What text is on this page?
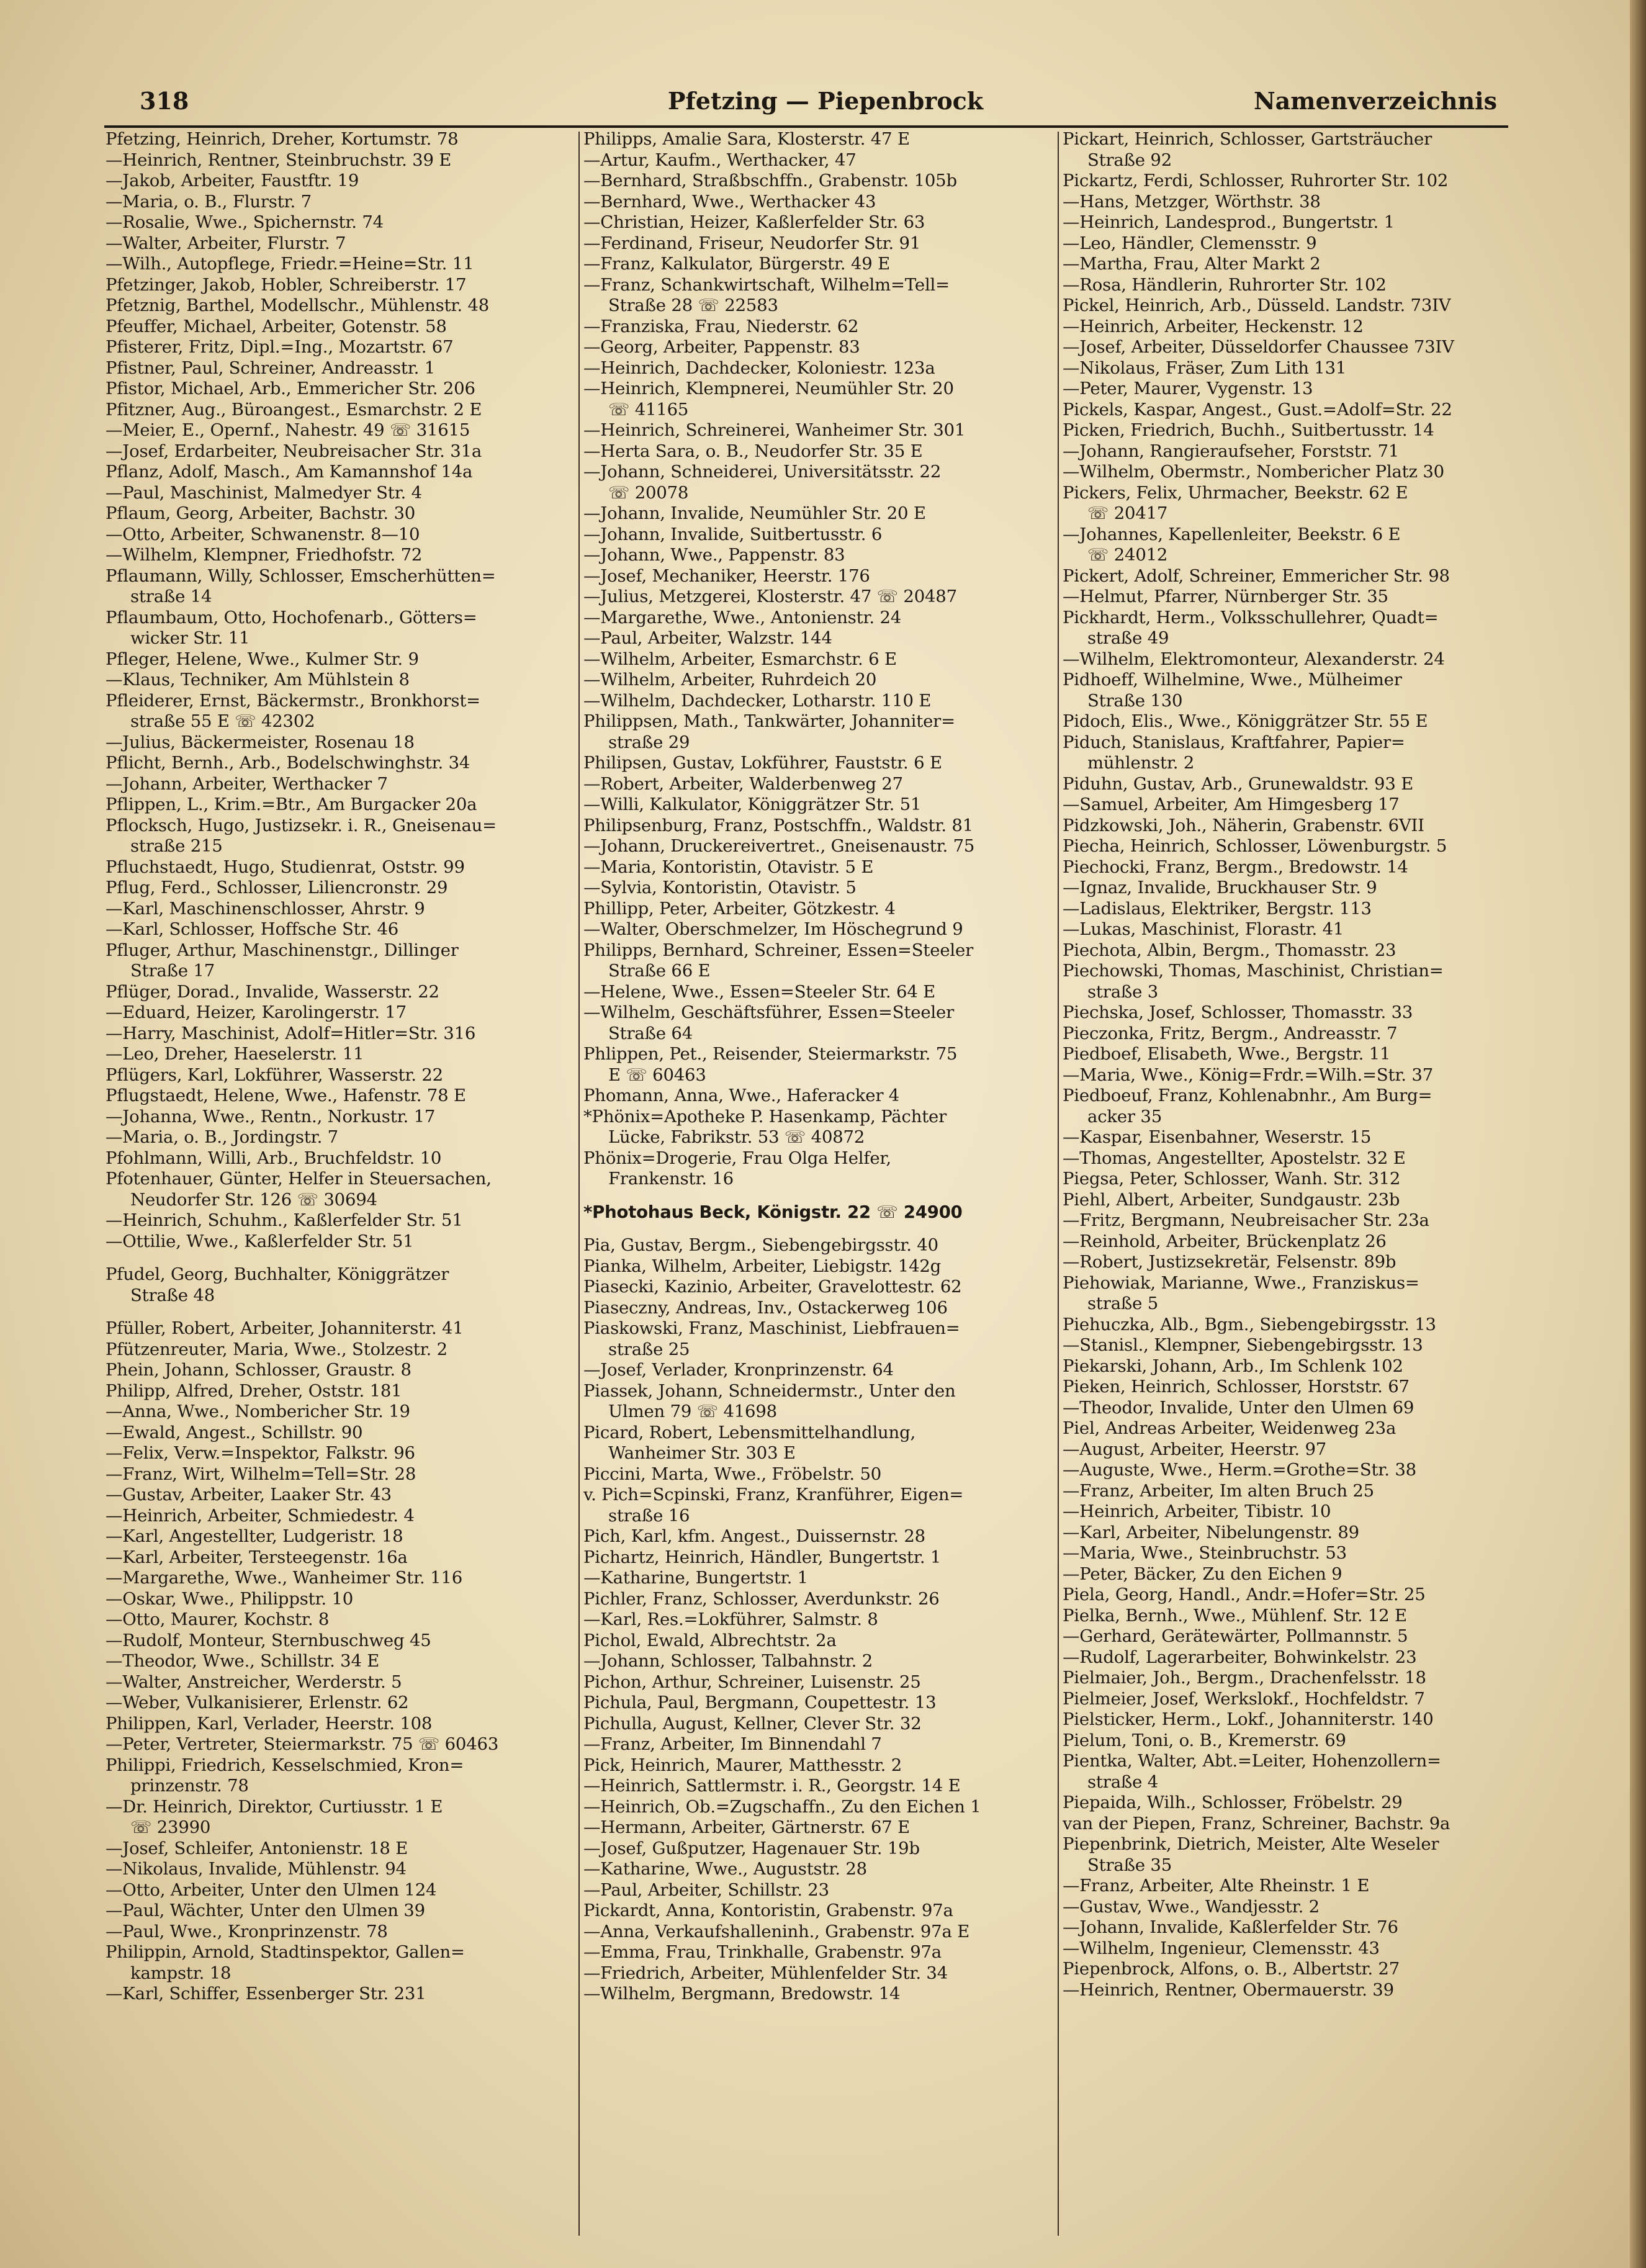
318	Pfetzing — Piepenbrock	Namenverzeichnis
Pfetzing, Heinrich, Dreher, Kortumstr. 78
—Heinrich, Rentner, Steinbruchstr. 39 E
—Jakob, Arbeiter, Faustftr. 19
—Maria, o. B., Flurstr. 7
—Rosalie, Wwe., Spichernstr. 74
—Walter, Arbeiter, Flurstr. 7
—Wilh., Autopflege, Friedr.=Heine=Str. 11
Pfetzinger, Jakob, Hobler, Schreiberstr. 17
Pfetznig, Barthel, Modellschr., Mühlenstr. 48
Pfeuffer, Michael, Arbeiter, Gotenstr. 58
Pfisterer, Fritz, Dipl.=Ing., Mozartstr. 67
Pfistner, Paul, Schreiner, Andreasstr. 1
Pfistor, Michael, Arb., Emmericher Str. 206
Pfitzner, Aug., Büroangest., Esmarchstr. 2 E
—Meier, E., Opernf., Nahestr. 49 ☏ 31615
—Josef, Erdarbeiter, Neubreisacher Str. 31a
Pflanz, Adolf, Masch., Am Kamannshof 14a
—Paul, Maschinist, Malmedyer Str. 4
Pflaum, Georg, Arbeiter, Bachstr. 30
—Otto, Arbeiter, Schwanenstr. 8—10
—Wilhelm, Klempner, Friedhofstr. 72
Pflaumann, Willy, Schlosser, Emscherhütten=
straße 14
Pflaumbaum, Otto, Hochofenarb., Götters=
wicker Str. 11
Pfleger, Helene, Wwe., Kulmer Str. 9
—Klaus, Techniker, Am Mühlstein 8
Pfleiderer, Ernst, Bäckermstr., Bronkhorst=
straße 55 E ☏ 42302
—Julius, Bäckermeister, Rosenau 18
Pflicht, Bernh., Arb., Bodelschwinghstr. 34
—Johann, Arbeiter, Werthacker 7
Pflippen, L., Krim.=Btr., Am Burgacker 20a
Pflocksch, Hugo, Justizsekr. i. R., Gneisenau=
straße 215
Pfluchstaedt, Hugo, Studienrat, Oststr. 99
Pflug, Ferd., Schlosser, Liliencronstr. 29
—Karl, Maschinenschlosser, Ahrstr. 9
—Karl, Schlosser, Hoffsche Str. 46
Pfluger, Arthur, Maschinenstgr., Dillinger
Straße 17
Pflüger, Dorad., Invalide, Wasserstr. 22
—Eduard, Heizer, Karolingerstr. 17
—Harry, Maschinist, Adolf=Hitler=Str. 316
—Leo, Dreher, Haeselerstr. 11
Pflügers, Karl, Lokführer, Wasserstr. 22
Pflugstaedt, Helene, Wwe., Hafenstr. 78 E
—Johanna, Wwe., Rentn., Norkustr. 17
—Maria, o. B., Jordingstr. 7
Pfohlmann, Willi, Arb., Bruchfeldstr. 10
Pfotenhauer, Günter, Helfer in Steuersachen,
Neudorfer Str. 126 ☏ 30694
—Heinrich, Schuhm., Kaßlerfelder Str. 51
—Ottilie, Wwe., Kaßlerfelder Str. 51
Pfudel, Georg, Buchhalter, Königgrätzer
Straße 48
Pfüller, Robert, Arbeiter, Johanniterstr. 41
Pfützenreuter, Maria, Wwe., Stolzestr. 2
Phein, Johann, Schlosser, Graustr. 8
Philipp, Alfred, Dreher, Oststr. 181
—Anna, Wwe., Nombericher Str. 19
—Ewald, Angest., Schillstr. 90
—Felix, Verw.=Inspektor, Falkstr. 96
—Franz, Wirt, Wilhelm=Tell=Str. 28
—Gustav, Arbeiter, Laaker Str. 43
—Heinrich, Arbeiter, Schmiedestr. 4
—Karl, Angestellter, Ludgeristr. 18
—Karl, Arbeiter, Tersteegenstr. 16a
—Margarethe, Wwe., Wanheimer Str. 116
—Oskar, Wwe., Philippstr. 10
—Otto, Maurer, Kochstr. 8
—Rudolf, Monteur, Sternbuschweg 45
—Theodor, Wwe., Schillstr. 34 E
—Walter, Anstreicher, Werderstr. 5
—Weber, Vulkanisierer, Erlenstr. 62
Philippen, Karl, Verlader, Heerstr. 108
—Peter, Vertreter, Steiermarkstr. 75 ☏ 60463
Philippi, Friedrich, Kesselschmied, Kron=
prinzenstr. 78
—Dr. Heinrich, Direktor, Curtiusstr. 1 E
☏ 23990
—Josef, Schleifer, Antonienstr. 18 E
—Nikolaus, Invalide, Mühlenstr. 94
—Otto, Arbeiter, Unter den Ulmen 124
—Paul, Wächter, Unter den Ulmen 39
—Paul, Wwe., Kronprinzenstr. 78
Philippin, Arnold, Stadtinspektor, Gallen=
kampstr. 18
—Karl, Schiffer, Essenberger Str. 231
Philipps, Amalie Sara, Klosterstr. 47 E
—Artur, Kaufm., Werthacker, 47
—Bernhard, Straßbschffn., Grabenstr. 105b
—Bernhard, Wwe., Werthacker 43
—Christian, Heizer, Kaßlerfelder Str. 63
—Ferdinand, Friseur, Neudorfer Str. 91
—Franz, Kalkulator, Bürgerstr. 49 E
—Franz, Schankwirtschaft, Wilhelm=Tell=
Straße 28 ☏ 22583
—Franziska, Frau, Niederstr. 62
—Georg, Arbeiter, Pappenstr. 83
—Heinrich, Dachdecker, Koloniestr. 123a
—Heinrich, Klempnerei, Neumühler Str. 20
☏ 41165
—Heinrich, Schreinerei, Wanheimer Str. 301
—Herta Sara, o. B., Neudorfer Str. 35 E
—Johann, Schneiderei, Universitätsstr. 22
☏ 20078
—Johann, Invalide, Neumühler Str. 20 E
—Johann, Invalide, Suitbertusstr. 6
—Johann, Wwe., Pappenstr. 83
—Josef, Mechaniker, Heerstr. 176
—Julius, Metzgerei, Klosterstr. 47 ☏ 20487
—Margarethe, Wwe., Antonienstr. 24
—Paul, Arbeiter, Walzstr. 144
—Wilhelm, Arbeiter, Esmarchstr. 6 E
—Wilhelm, Arbeiter, Ruhrdeich 20
—Wilhelm, Dachdecker, Lotharstr. 110 E
Philippsen, Math., Tankwärter, Johanniter=
straße 29
Philipsen, Gustav, Lokführer, Fauststr. 6 E
—Robert, Arbeiter, Walderbenweg 27
—Willi, Kalkulator, Königgrätzer Str. 51
Philipsenburg, Franz, Postschffn., Waldstr. 81
—Johann, Druckereivertret., Gneisenaustr. 75
—Maria, Kontoristin, Otavistr. 5 E
—Sylvia, Kontoristin, Otavistr. 5
Phillipp, Peter, Arbeiter, Götzkestr. 4
—Walter, Oberschmelzer, Im Höschegrund 9
Philipps, Bernhard, Schreiner, Essen=Steeler
Straße 66 E
—Helene, Wwe., Essen=Steeler Str. 64 E
—Wilhelm, Geschäftsführer, Essen=Steeler
Straße 64
Phlippen, Pet., Reisender, Steiermarkstr. 75
E ☏ 60463
Phomann, Anna, Wwe., Haferacker 4
*Phönix=Apotheke P. Hasenkamp, Pächter
Lücke, Fabrikstr. 53 ☏ 40872
Phönix=Drogerie, Frau Olga Helfer,
Frankenstr. 16
*Photohaus Beck, Königstr. 22 ☏ 24900
Pia, Gustav, Bergm., Siebengebirgsstr. 40
Pianka, Wilhelm, Arbeiter, Liebigstr. 142g
Piasecki, Kazinio, Arbeiter, Gravelottestr. 62
Piaseczny, Andreas, Inv., Ostackerweg 106
Piaskowski, Franz, Maschinist, Liebfrauen=
straße 25
—Josef, Verlader, Kronprinzenstr. 64
Piassek, Johann, Schneidermstr., Unter den
Ulmen 79 ☏ 41698
Picard, Robert, Lebensmittelhandlung,
Wanheimer Str. 303 E
Piccini, Marta, Wwe., Fröbelstr. 50
v. Pich=Scpinski, Franz, Kranführer, Eigen=
straße 16
Pich, Karl, kfm. Angest., Duissernstr. 28
Pichartz, Heinrich, Händler, Bungertstr. 1
—Katharine, Bungertstr. 1
Pichler, Franz, Schlosser, Averdunkstr. 26
—Karl, Res.=Lokführer, Salmstr. 8
Pichol, Ewald, Albrechtstr. 2a
—Johann, Schlosser, Talbahnstr. 2
Pichon, Arthur, Schreiner, Luisenstr. 25
Pichula, Paul, Bergmann, Coupettestr. 13
Pichulla, August, Kellner, Clever Str. 32
—Franz, Arbeiter, Im Binnendahl 7
Pick, Heinrich, Maurer, Matthesstr. 2
—Heinrich, Sattlermstr. i. R., Georgstr. 14 E
—Heinrich, Ob.=Zugschaffn., Zu den Eichen 1
—Hermann, Arbeiter, Gärtnerstr. 67 E
—Josef, Gußputzer, Hagenauer Str. 19b
—Katharine, Wwe., Auguststr. 28
—Paul, Arbeiter, Schillstr. 23
Pickardt, Anna, Kontoristin, Grabenstr. 97a
—Anna, Verkaufshalleninh., Grabenstr. 97a E
—Emma, Frau, Trinkhalle, Grabenstr. 97a
—Friedrich, Arbeiter, Mühlenfelder Str. 34
—Wilhelm, Bergmann, Bredowstr. 14
Pickart, Heinrich, Schlosser, Gartsträucher
Straße 92
Pickartz, Ferdi, Schlosser, Ruhrorter Str. 102
—Hans, Metzger, Wörthstr. 38
—Heinrich, Landesprod., Bungertstr. 1
—Leo, Händler, Clemensstr. 9
—Martha, Frau, Alter Markt 2
—Rosa, Händlerin, Ruhrorter Str. 102
Pickel, Heinrich, Arb., Düsseld. Landstr. 73IV
—Heinrich, Arbeiter, Heckenstr. 12
—Josef, Arbeiter, Düsseldorfer Chaussee 73IV
—Nikolaus, Fräser, Zum Lith 131
—Peter, Maurer, Vygenstr. 13
Pickels, Kaspar, Angest., Gust.=Adolf=Str. 22
Picken, Friedrich, Buchh., Suitbertusstr. 14
—Johann, Rangieraufseher, Forststr. 71
—Wilhelm, Obermstr., Nombericher Platz 30
Pickers, Felix, Uhrmacher, Beekstr. 62 E
☏ 20417
—Johannes, Kapellenleiter, Beekstr. 6 E
☏ 24012
Pickert, Adolf, Schreiner, Emmericher Str. 98
—Helmut, Pfarrer, Nürnberger Str. 35
Pickhardt, Herm., Volksschullehrer, Quadt=
straße 49
—Wilhelm, Elektromonteur, Alexanderstr. 24
Pidhoeff, Wilhelmine, Wwe., Mülheimer
Straße 130
Pidoch, Elis., Wwe., Königgrätzer Str. 55 E
Piduch, Stanislaus, Kraftfahrer, Papier=
mühlenstr. 2
Piduhn, Gustav, Arb., Grunewaldstr. 93 E
—Samuel, Arbeiter, Am Himgesberg 17
Pidzkowski, Joh., Näherin, Grabenstr. 6VII
Piecha, Heinrich, Schlosser, Löwenburgstr. 5
Piechocki, Franz, Bergm., Bredowstr. 14
—Ignaz, Invalide, Bruckhauser Str. 9
—Ladislaus, Elektriker, Bergstr. 113
—Lukas, Maschinist, Florastr. 41
Piechota, Albin, Bergm., Thomasstr. 23
Piechowski, Thomas, Maschinist, Christian=
straße 3
Piechska, Josef, Schlosser, Thomasstr. 33
Pieczonka, Fritz, Bergm., Andreasstr. 7
Piedboef, Elisabeth, Wwe., Bergstr. 11
—Maria, Wwe., König=Frdr.=Wilh.=Str. 37
Piedboeuf, Franz, Kohlenabnhr., Am Burg=
acker 35
—Kaspar, Eisenbahner, Weserstr. 15
—Thomas, Angestellter, Apostelstr. 32 E
Piegsa, Peter, Schlosser, Wanh. Str. 312
Piehl, Albert, Arbeiter, Sundgaustr. 23b
—Fritz, Bergmann, Neubreisacher Str. 23a
—Reinhold, Arbeiter, Brückenplatz 26
—Robert, Justizsekretär, Felsenstr. 89b
Piehowiak, Marianne, Wwe., Franziskus=
straße 5
Piehuczka, Alb., Bgm., Siebengebirgsstr. 13
—Stanisl., Klempner, Siebengebirgsstr. 13
Piekarski, Johann, Arb., Im Schlenk 102
Pieken, Heinrich, Schlosser, Horststr. 67
—Theodor, Invalide, Unter den Ulmen 69
Piel, Andreas Arbeiter, Weidenweg 23a
—August, Arbeiter, Heerstr. 97
—Auguste, Wwe., Herm.=Grothe=Str. 38
—Franz, Arbeiter, Im alten Bruch 25
—Heinrich, Arbeiter, Tibistr. 10
—Karl, Arbeiter, Nibelungenstr. 89
—Maria, Wwe., Steinbruchstr. 53
—Peter, Bäcker, Zu den Eichen 9
Piela, Georg, Handl., Andr.=Hofer=Str. 25
Pielka, Bernh., Wwe., Mühlenf. Str. 12 E
—Gerhard, Gerätewärter, Pollmannstr. 5
—Rudolf, Lagerarbeiter, Bohwinkelstr. 23
Pielmaier, Joh., Bergm., Drachenfelsstr. 18
Pielmeier, Josef, Werkslokf., Hochfeldstr. 7
Pielsticker, Herm., Lokf., Johanniterstr. 140
Pielum, Toni, o. B., Kremerstr. 69
Pientka, Walter, Abt.=Leiter, Hohenzollern=
straße 4
Piepaida, Wilh., Schlosser, Fröbelstr. 29
van der Piepen, Franz, Schreiner, Bachstr. 9a
Piepenbrink, Dietrich, Meister, Alte Weseler
Straße 35
—Franz, Arbeiter, Alte Rheinstr. 1 E
—Gustav, Wwe., Wandjesstr. 2
—Johann, Invalide, Kaßlerfelder Str. 76
—Wilhelm, Ingenieur, Clemensstr. 43
Piepenbrock, Alfons, o. B., Albertstr. 27
—Heinrich, Rentner, Obermauerstr. 39
